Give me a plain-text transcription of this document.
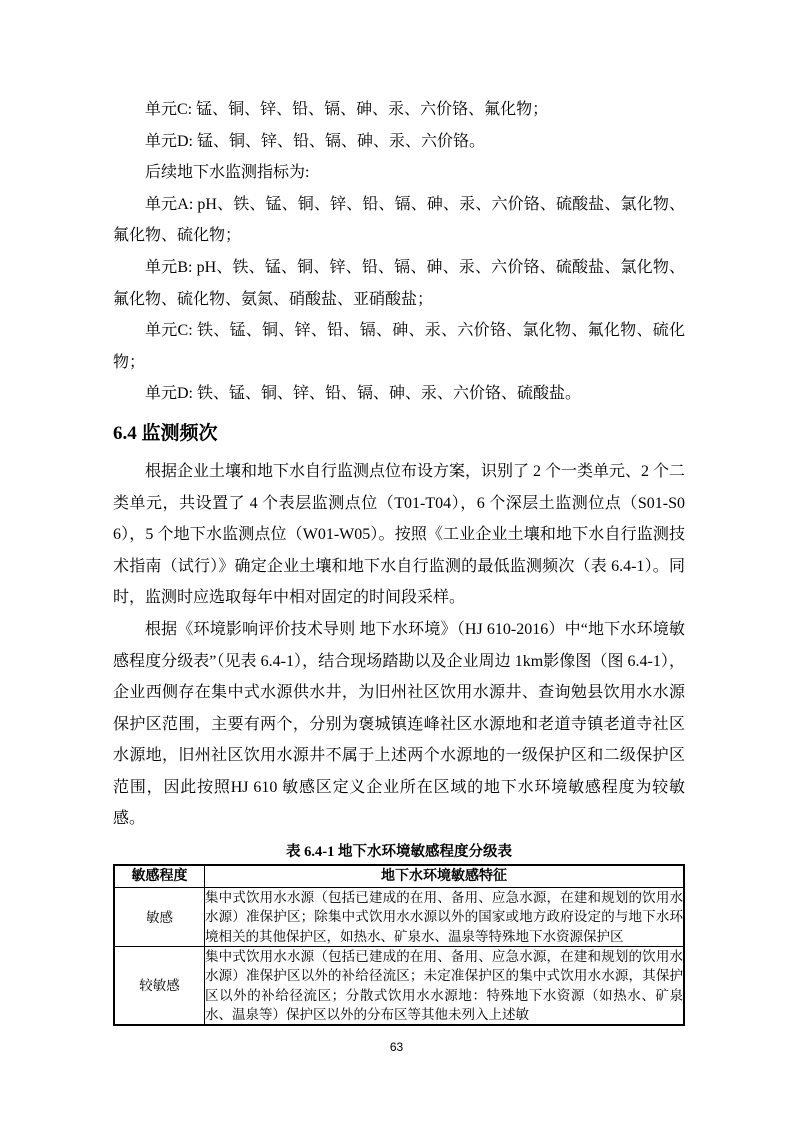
单元C: 锰、铜、锌、铅、镉、砷、汞、六价铬、氟化物；

单元D: 锰、铜、锌、铅、镉、砷、汞、六价铬。

后续地下水监测指标为:

单元A: pH、铁、锰、铜、锌、铅、镉、砷、汞、六价铬、硫酸盐、氯化物、氟化物、硫化物；

单元B: pH、铁、锰、铜、锌、铅、镉、砷、汞、六价铬、硫酸盐、氯化物、氟化物、硫化物、氨氮、硝酸盐、亚硝酸盐；

单元C: 铁、锰、铜、锌、铅、镉、砷、汞、六价铬、氯化物、氟化物、硫化物；

单元D: 铁、锰、铜、锌、铅、镉、砷、汞、六价铬、硫酸盐。

6.4 监测频次

根据企业土壤和地下水自行监测点位布设方案，识别了 2 个一类单元、2 个二类单元，共设置了 4 个表层监测点位（T01-T04），6 个深层土监测位点（S01-S06），5 个地下水监测点位（W01-W05）。按照《工业企业土壤和地下水自行监测技术指南（试行）》确定企业土壤和地下水自行监测的最低监测频次（表 6.4-1）。同时，监测时应选取每年中相对固定的时间段采样。

根据《环境影响评价技术导则 地下水环境》（HJ 610-2016）中“地下水环境敏感程度分级表”（见表 6.4-1），结合现场踏勘以及企业周边 1km影像图（图 6.4-1），企业西侧存在集中式水源供水井，为旧州社区饮用水源井、查询勉县饮用水水源保护区范围，主要有两个，分别为褒城镇连峰社区水源地和老道寺镇老道寺社区水源地，旧州社区饮用水源井不属于上述两个水源地的一级保护区和二级保护区范围，因此按照HJ 610 敏感区定义企业所在区域的地下水环境敏感程度为较敏感。

表 6.4-1 地下水环境敏感程度分级表
敏感程度	地下水环境敏感特征
敏感	集中式饮用水水源（包括已建成的在用、备用、应急水源，在建和规划的饮用水水源）准保护区；除集中式饮用水水源以外的国家或地方政府设定的与地下水环境相关的其他保护区，如热水、矿泉水、温泉等特殊地下水资源保护区
较敏感	集中式饮用水水源（包括已建成的在用、备用、应急水源，在建和规划的饮用水水源）准保护区以外的补给径流区；未定准保护区的集中式饮用水水源，其保护区以外的补给径流区；分散式饮用水水源地：特殊地下水资源（如热水、矿泉水、温泉等）保护区以外的分布区等其他未列入上述敏
63
